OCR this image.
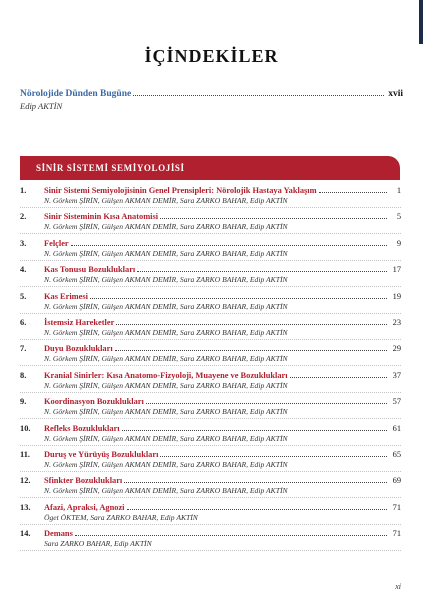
İÇİNDEKİLER
Nörolojide Dünden Bugüne	xvii
Edip AKTİN
SİNİR SİSTEMİ SEMİYOLOJİSİ
1.	Sinir Sistemi Semiyolojisinin Genel Prensipleri: Nörolojik Hastaya Yaklaşım	1
N. Görkem ŞİRİN, Gülşen AKMAN DEMİR, Sara ZARKO BAHAR, Edip AKTİN
2.	Sinir Sisteminin Kısa Anatomisi	5
N. Görkem ŞİRİN, Gülşen AKMAN DEMİR, Sara ZARKO BAHAR, Edip AKTİN
3.	Felçler	9
N. Görkem ŞİRİN, Gülşen AKMAN DEMİR, Sara ZARKO BAHAR, Edip AKTİN
4.	Kas Tonusu Bozuklukları	17
N. Görkem ŞİRİN, Gülşen AKMAN DEMİR, Sara ZARKO BAHAR, Edip AKTİN
5.	Kas Erimesi	19
N. Görkem ŞİRİN, Gülşen AKMAN DEMİR, Sara ZARKO BAHAR, Edip AKTİN
6.	İstemsiz Hareketler	23
N. Görkem ŞİRİN, Gülşen AKMAN DEMİR, Sara ZARKO BAHAR, Edip AKTİN
7.	Duyu Bozuklukları	29
N. Görkem ŞİRİN, Gülşen AKMAN DEMİR, Sara ZARKO BAHAR, Edip AKTİN
8.	Kranial Sinirler: Kısa Anatomo-Fizyoloji, Muayene ve Bozuklukları	37
N. Görkem ŞİRİN, Gülşen AKMAN DEMİR, Sara ZARKO BAHAR, Edip AKTİN
9.	Koordinasyon Bozuklukları	57
N. Görkem ŞİRİN, Gülşen AKMAN DEMİR, Sara ZARKO BAHAR, Edip AKTİN
10.	Refleks Bozuklukları	61
N. Görkem ŞİRİN, Gülşen AKMAN DEMİR, Sara ZARKO BAHAR, Edip AKTİN
11.	Duruş ve Yürüyüş Bozuklukları	65
N. Görkem ŞİRİN, Gülşen AKMAN DEMİR, Sara ZARKO BAHAR, Edip AKTİN
12.	Sfinkter Bozuklukları	69
N. Görkem ŞİRİN, Gülşen AKMAN DEMİR, Sara ZARKO BAHAR, Edip AKTİN
13.	Afazi, Apraksi, Agnozi	71
Öget ÖKTEM, Sara ZARKO BAHAR, Edip AKTİN
14.	Demans	71
Sara ZARKO BAHAR, Edip AKTİN
xi
